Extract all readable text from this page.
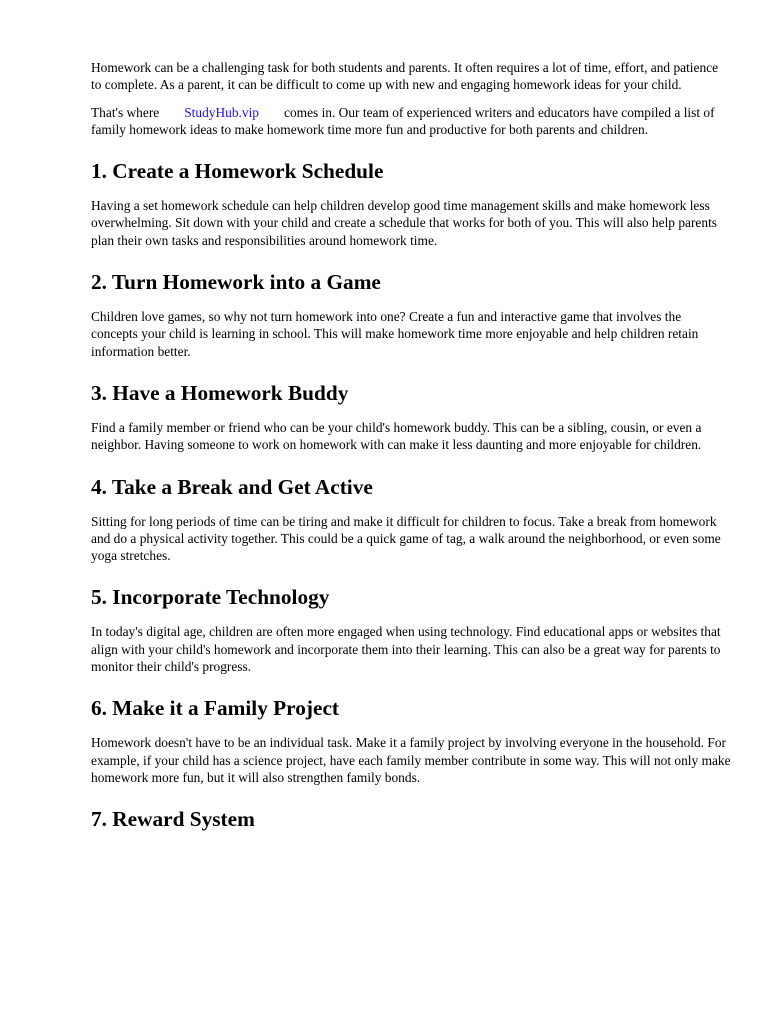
Homework can be a challenging task for both students and parents. It often requires a lot of time, effort, and patience to complete. As a parent, it can be difficult to come up with new and engaging homework ideas for your child.

That's where StudyHub.vip comes in. Our team of experienced writers and educators have compiled a list of family homework ideas to make homework time more fun and productive for both parents and children.

1. Create a Homework Schedule

Having a set homework schedule can help children develop good time management skills and make homework less overwhelming. Sit down with your child and create a schedule that works for both of you. This will also help parents plan their own tasks and responsibilities around homework time.

2. Turn Homework into a Game

Children love games, so why not turn homework into one? Create a fun and interactive game that involves the concepts your child is learning in school. This will make homework time more enjoyable and help children retain information better.

3. Have a Homework Buddy

Find a family member or friend who can be your child's homework buddy. This can be a sibling, cousin, or even a neighbor. Having someone to work on homework with can make it less daunting and more enjoyable for children.

4. Take a Break and Get Active

Sitting for long periods of time can be tiring and make it difficult for children to focus. Take a break from homework and do a physical activity together. This could be a quick game of tag, a walk around the neighborhood, or even some yoga stretches.

5. Incorporate Technology

In today's digital age, children are often more engaged when using technology. Find educational apps or websites that align with your child's homework and incorporate them into their learning. This can also be a great way for parents to monitor their child's progress.

6. Make it a Family Project

Homework doesn't have to be an individual task. Make it a family project by involving everyone in the household. For example, if your child has a science project, have each family member contribute in some way. This will not only make homework more fun, but it will also strengthen family bonds.

7. Reward System
